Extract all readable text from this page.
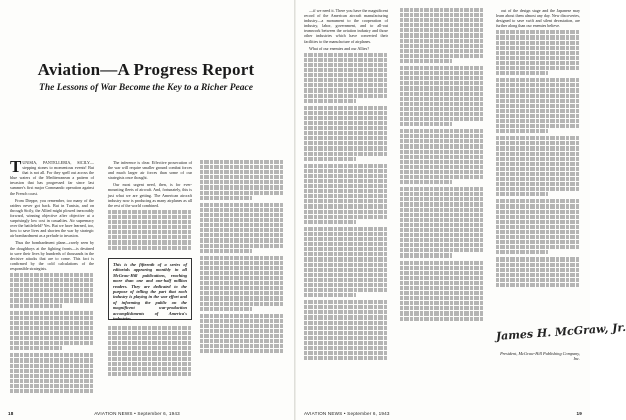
Aviation—A Progress Report
The Lessons of War Become the Key to a Richer Peace

TUNISIA, PANTELLERIA, SICILY—stepping stones to momentous events! But that is not all. For they spell out across the blue waters of the Mediterranean a pattern of invasion that has progressed far since last summer's first major Commando operation against the French coast.

From Dieppe, you remember, too many of the raiders never got back. But in Tunisia, and on through Sicily, the Allied might plowed inexorably forward, winning objective after objective at a surprisingly low cost in casualties. Air supremacy over the battlefield? Yes. But we have learned, too, how to save lives and shorten the war by strategic air bombardment as a prelude to invasion.

Thus the bombardment plane—rarely seen by the doughboys at the fighting fronts—is destined to save their lives by hundreds of thousands in the decisive attacks that are to come. This fact is confirmed by the cold calculations of the responsible strategists.

The inference is clear. Effective prosecution of the war will require smaller ground combat forces and much larger air forces than some of our strategists once thought.

Our most urgent need, then, is for ever-mounting fleets of aircraft. And, fortunately, this is just what we are getting. The American aircraft industry now is producing as many airplanes as all the rest of the world combined.

This is the fifteenth of a series of editorials appearing monthly in all McGraw-Hill publications, reaching more than one and one-half million readers. They are dedicated to the purpose of telling the part that each industry is playing in the war effort and of informing the public on the magnificent war-production accomplishments of America's industries.
18	AVIATION NEWS • September 6, 1943

—if we need it. There you have the magnificent record of the American aircraft manufacturing industry—a monument to the cooperation of industry, labor, government, and to all-out teamwork between the aviation industry and those other industries which have converted their facilities to the manufacture of airplanes.

What of our enemies and our Allies?

out of the design stage and the Japanese may learn about them almost any day. New discoveries, designed to save swift and silent devastation, are further along than our enemies believe.

James H. McGraw, Jr.
President, McGraw-Hill Publishing Company, Inc.
AVIATION NEWS • September 6, 1943	19
